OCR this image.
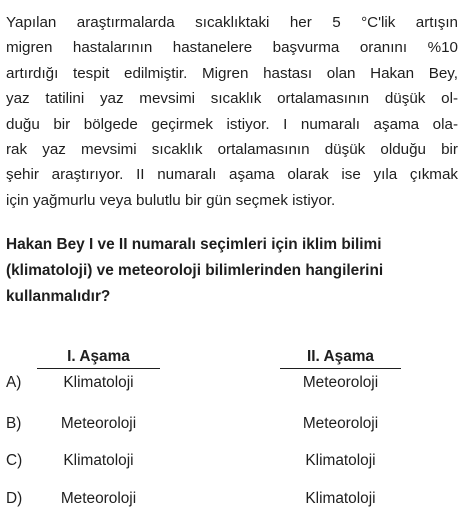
Yapılan araştırmalarda sıcaklıktaki her 5 °C'lik artışın
migren hastalarının hastanelere başvurma oranını %10
artırdığı tespit edilmiştir. Migren hastası olan Hakan Bey,
yaz tatilini yaz mevsimi sıcaklık ortalamasının düşük ol-
duğu bir bölgede geçirmek istiyor. I numaralı aşama ola-
rak yaz mevsimi sıcaklık ortalamasının düşük olduğu bir
şehir araştırıyor. II numaralı aşama olarak ise yıla çıkmak
için yağmurlu veya bulutlu bir gün seçmek istiyor.
Hakan Bey I ve II numaralı seçimleri için iklim bilimi
(klimatoloji) ve meteoroloji bilimlerinden hangilerini
kullanmalıdır?
I. Aşama	II. Aşama
A)	Klimatoloji	Meteoroloji
B)	Meteoroloji	Meteoroloji
C)	Klimatoloji	Klimatoloji
D)	Meteoroloji	Klimatoloji
